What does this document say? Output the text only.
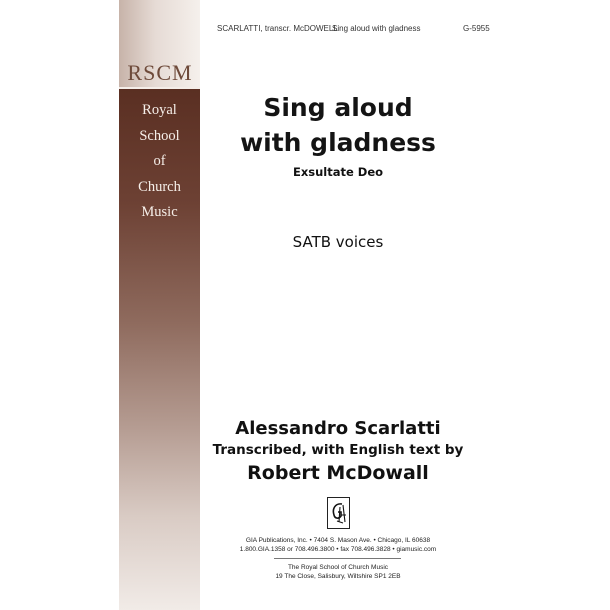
RSCM
Royal
School
of
Church
Music
SCARLATTI, transcr. McDOWELL
Sing aloud with gladness	G-5955
Sing aloud
with gladness
Exsultate Deo
SATB voices
Alessandro Scarlatti
Transcribed, with English text by
Robert McDowall
GIA Publications, Inc. • 7404 S. Mason Ave. • Chicago, IL 60638
1.800.GIA.1358 or 708.496.3800 • fax 708.496.3828 • giamusic.com
The Royal School of Church Music
19 The Close, Salisbury, Wiltshire SP1 2EB
